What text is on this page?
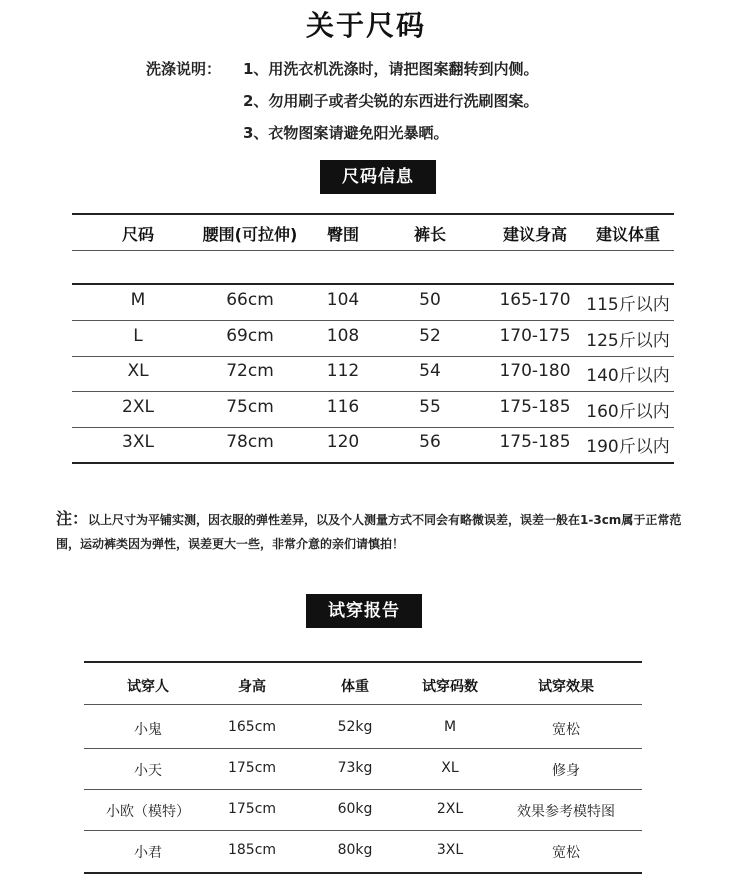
关于尺码
洗涤说明： 1、用洗衣机洗涤时，请把图案翻转到内侧。
2、勿用刷子或者尖锐的东西进行洗刷图案。
3、衣物图案请避免阳光暴晒。
尺码信息
尺码	腰围(可拉伸)	臀围	裤长	建议身高	建议体重
M	66cm	104	50	165-170 115斤以内
L	69cm	108	52	170-175 125斤以内
XL	72cm	112	54	170-180 140斤以内
2XL	75cm	116	55	175-185 160斤以内
3XL	78cm	120	56	175-185 190斤以内
注：以上尺寸为平铺实测，因衣服的弹性差异，以及个人测量方式不同会有略微误差，误差一般在1-3cm属于正常范围，运动裤类因为弹性，误差更大一些，非常介意的亲们请慎拍！
试穿报告
试穿人	身高	体重	试穿码数	试穿效果
小鬼	165cm	52kg	M	宽松
小天	175cm	73kg	XL	修身
小欧（模特）	175cm	60kg	2XL	效果参考模特图
小君	185cm	80kg	3XL	宽松
